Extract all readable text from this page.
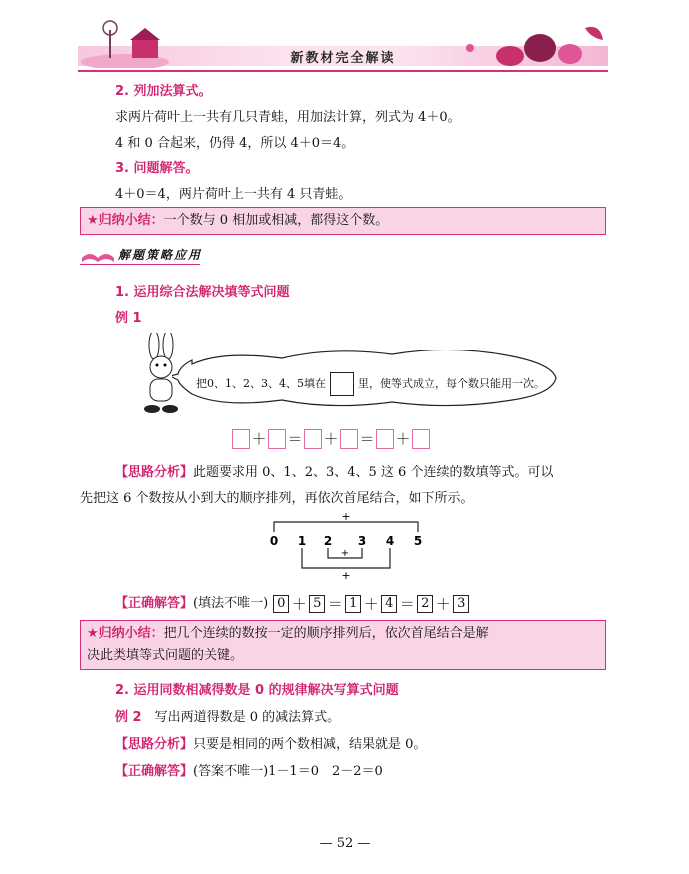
新教材完全解读
2. 列加法算式。
求两片荷叶上一共有几只青蛙，用加法计算，列式为 4＋0。
4 和 0 合起来，仍得 4，所以 4＋0＝4。
3. 问题解答。
4＋0＝4，两片荷叶上一共有 4 只青蛙。
★归纳小结：一个数与 0 相加或相减，都得这个数。
解题策略应用
1. 运用综合法解决填等式问题
例 1
把0、1、2、3、4、5填在	里，使等式成立，每个数只能用一次。
＋ ＝ ＋ ＝ ＋
【思路分析】此题要求用 0、1、2、3、4、5 这 6 个连续的数填等式。可以
先把这 6 个数按从小到大的顺序排列，再依次首尾结合，如下所示。
+
+
+
0 1 2 3 4 5
【正确解答】(填法不唯一) 0 ＋ 5 ＝ 1 ＋ 4 ＝ 2 ＋ 3
★归纳小结：把几个连续的数按一定的顺序排列后，依次首尾结合是解
决此类填等式问题的关键。
2. 运用同数相减得数是 0 的规律解决写算式问题
例 2　 写出两道得数是 0 的减法算式。
【思路分析】只要是相同的两个数相减，结果就是 0。
【正确解答】(答案不唯一)1－1＝0　2－2＝0
— 52 —
